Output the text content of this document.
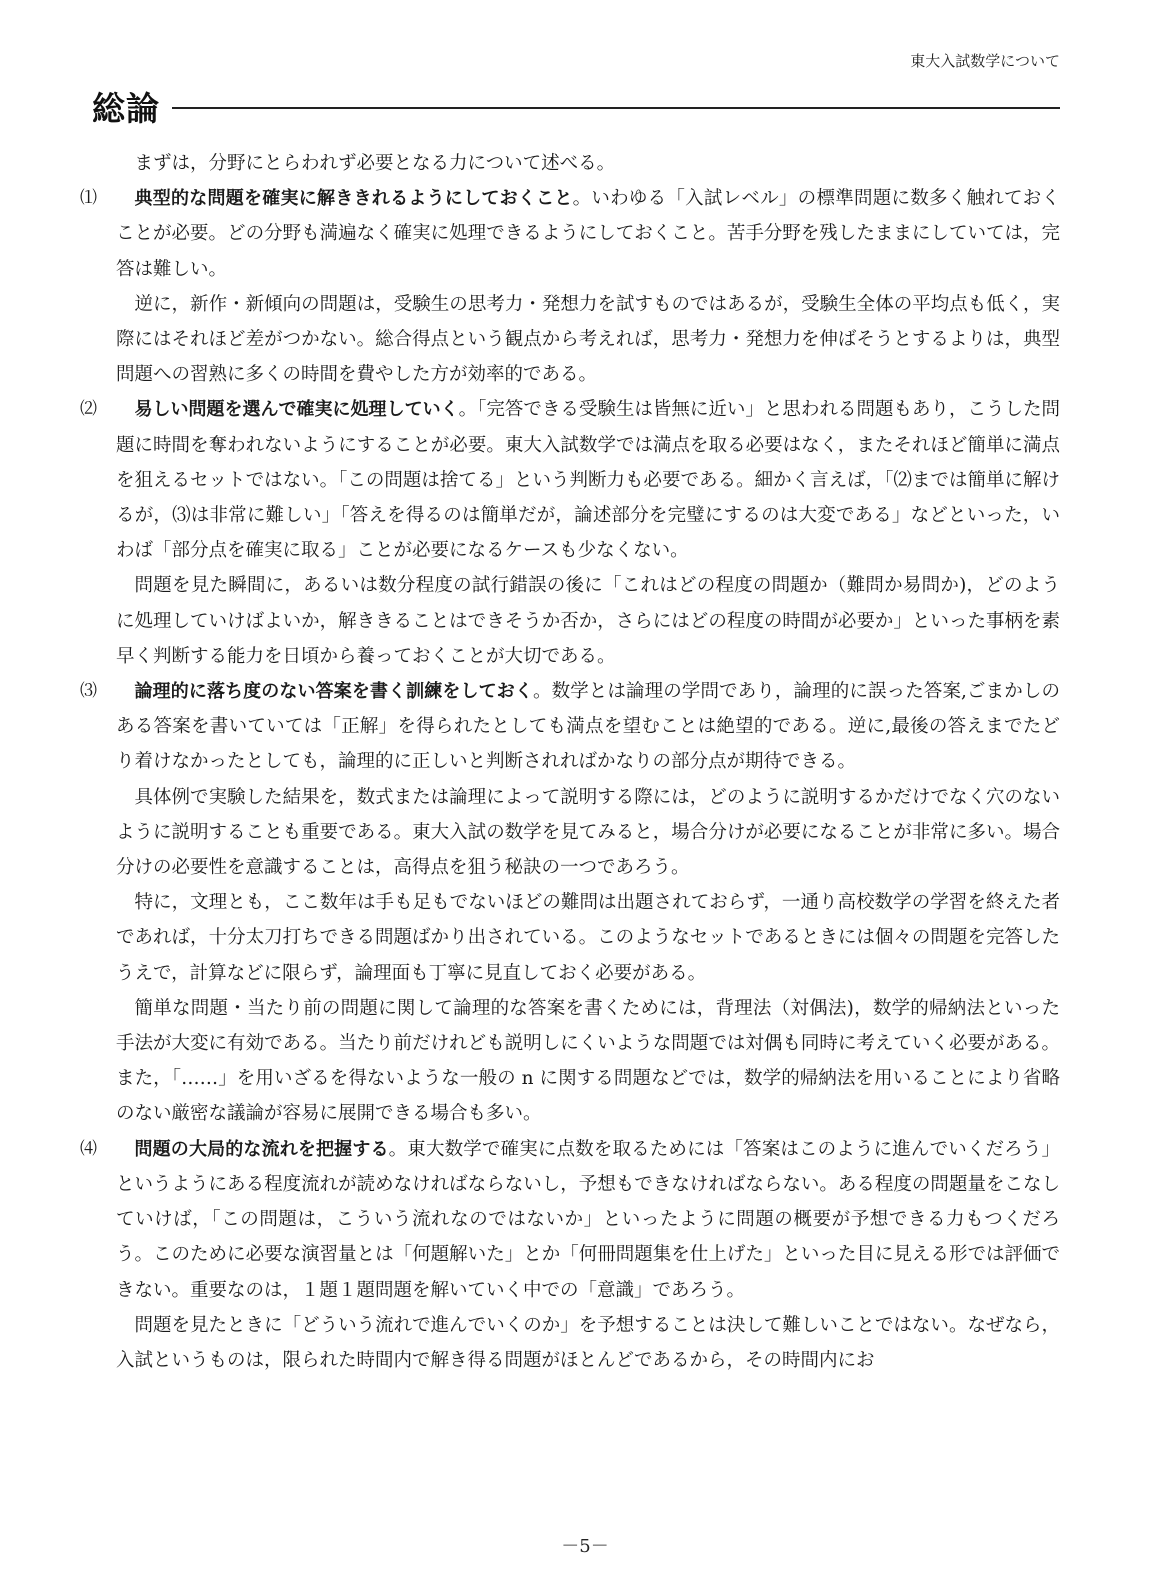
東大入試数学について
総論

まずは，分野にとらわれず必要となる力について述べる。

⑴	典型的な問題を確実に解ききれるようにしておくこと。いわゆる「入試レベル」の標準問題に数多く触れておくことが必要。どの分野も満遍なく確実に処理できるようにしておくこと。苦手分野を残したままにしていては，完答は難しい。

逆に，新作・新傾向の問題は，受験生の思考力・発想力を試すものではあるが，受験生全体の平均点も低く，実際にはそれほど差がつかない。総合得点という観点から考えれば，思考力・発想力を伸ばそうとするよりは，典型問題への習熟に多くの時間を費やした方が効率的である。

⑵	易しい問題を選んで確実に処理していく。「完答できる受験生は皆無に近い」と思われる問題もあり，こうした問題に時間を奪われないようにすることが必要。東大入試数学では満点を取る必要はなく，またそれほど簡単に満点を狙えるセットではない。「この問題は捨てる」という判断力も必要である。細かく言えば，「⑵までは簡単に解けるが，⑶は非常に難しい」「答えを得るのは簡単だが，論述部分を完璧にするのは大変である」などといった，いわば「部分点を確実に取る」ことが必要になるケースも少なくない。

問題を見た瞬間に，あるいは数分程度の試行錯誤の後に「これはどの程度の問題か（難問か易問か)，どのように処理していけばよいか，解ききることはできそうか否か，さらにはどの程度の時間が必要か」といった事柄を素早く判断する能力を日頃から養っておくことが大切である。

⑶	論理的に落ち度のない答案を書く訓練をしておく。数学とは論理の学問であり，論理的に誤った答案,ごまかしのある答案を書いていては「正解」を得られたとしても満点を望むことは絶望的である。逆に,最後の答えまでたどり着けなかったとしても，論理的に正しいと判断されればかなりの部分点が期待できる。

具体例で実験した結果を，数式または論理によって説明する際には，どのように説明するかだけでなく穴のないように説明することも重要である。東大入試の数学を見てみると，場合分けが必要になることが非常に多い。場合分けの必要性を意識することは，高得点を狙う秘訣の一つであろう。

特に，文理とも，ここ数年は手も足もでないほどの難問は出題されておらず，一通り高校数学の学習を終えた者であれば，十分太刀打ちできる問題ばかり出されている。このようなセットであるときには個々の問題を完答したうえで，計算などに限らず，論理面も丁寧に見直しておく必要がある。

簡単な問題・当たり前の問題に関して論理的な答案を書くためには，背理法（対偶法)，数学的帰納法といった手法が大変に有効である。当たり前だけれども説明しにくいような問題では対偶も同時に考えていく必要がある。また，「……」を用いざるを得ないような一般の n に関する問題などでは，数学的帰納法を用いることにより省略のない厳密な議論が容易に展開できる場合も多い。

⑷	問題の大局的な流れを把握する。東大数学で確実に点数を取るためには「答案はこのように進んでいくだろう」というようにある程度流れが読めなければならないし，予想もできなければならない。ある程度の問題量をこなしていけば，「この問題は，こういう流れなのではないか」といったように問題の概要が予想できる力もつくだろう。このために必要な演習量とは「何題解いた」とか「何冊問題集を仕上げた」といった目に見える形では評価できない。重要なのは，１題１題問題を解いていく中での「意識」であろう。

問題を見たときに「どういう流れで進んでいくのか」を予想することは決して難しいことではない。なぜなら，入試というものは，限られた時間内で解き得る問題がほとんどであるから，その時間内にお

－5－
